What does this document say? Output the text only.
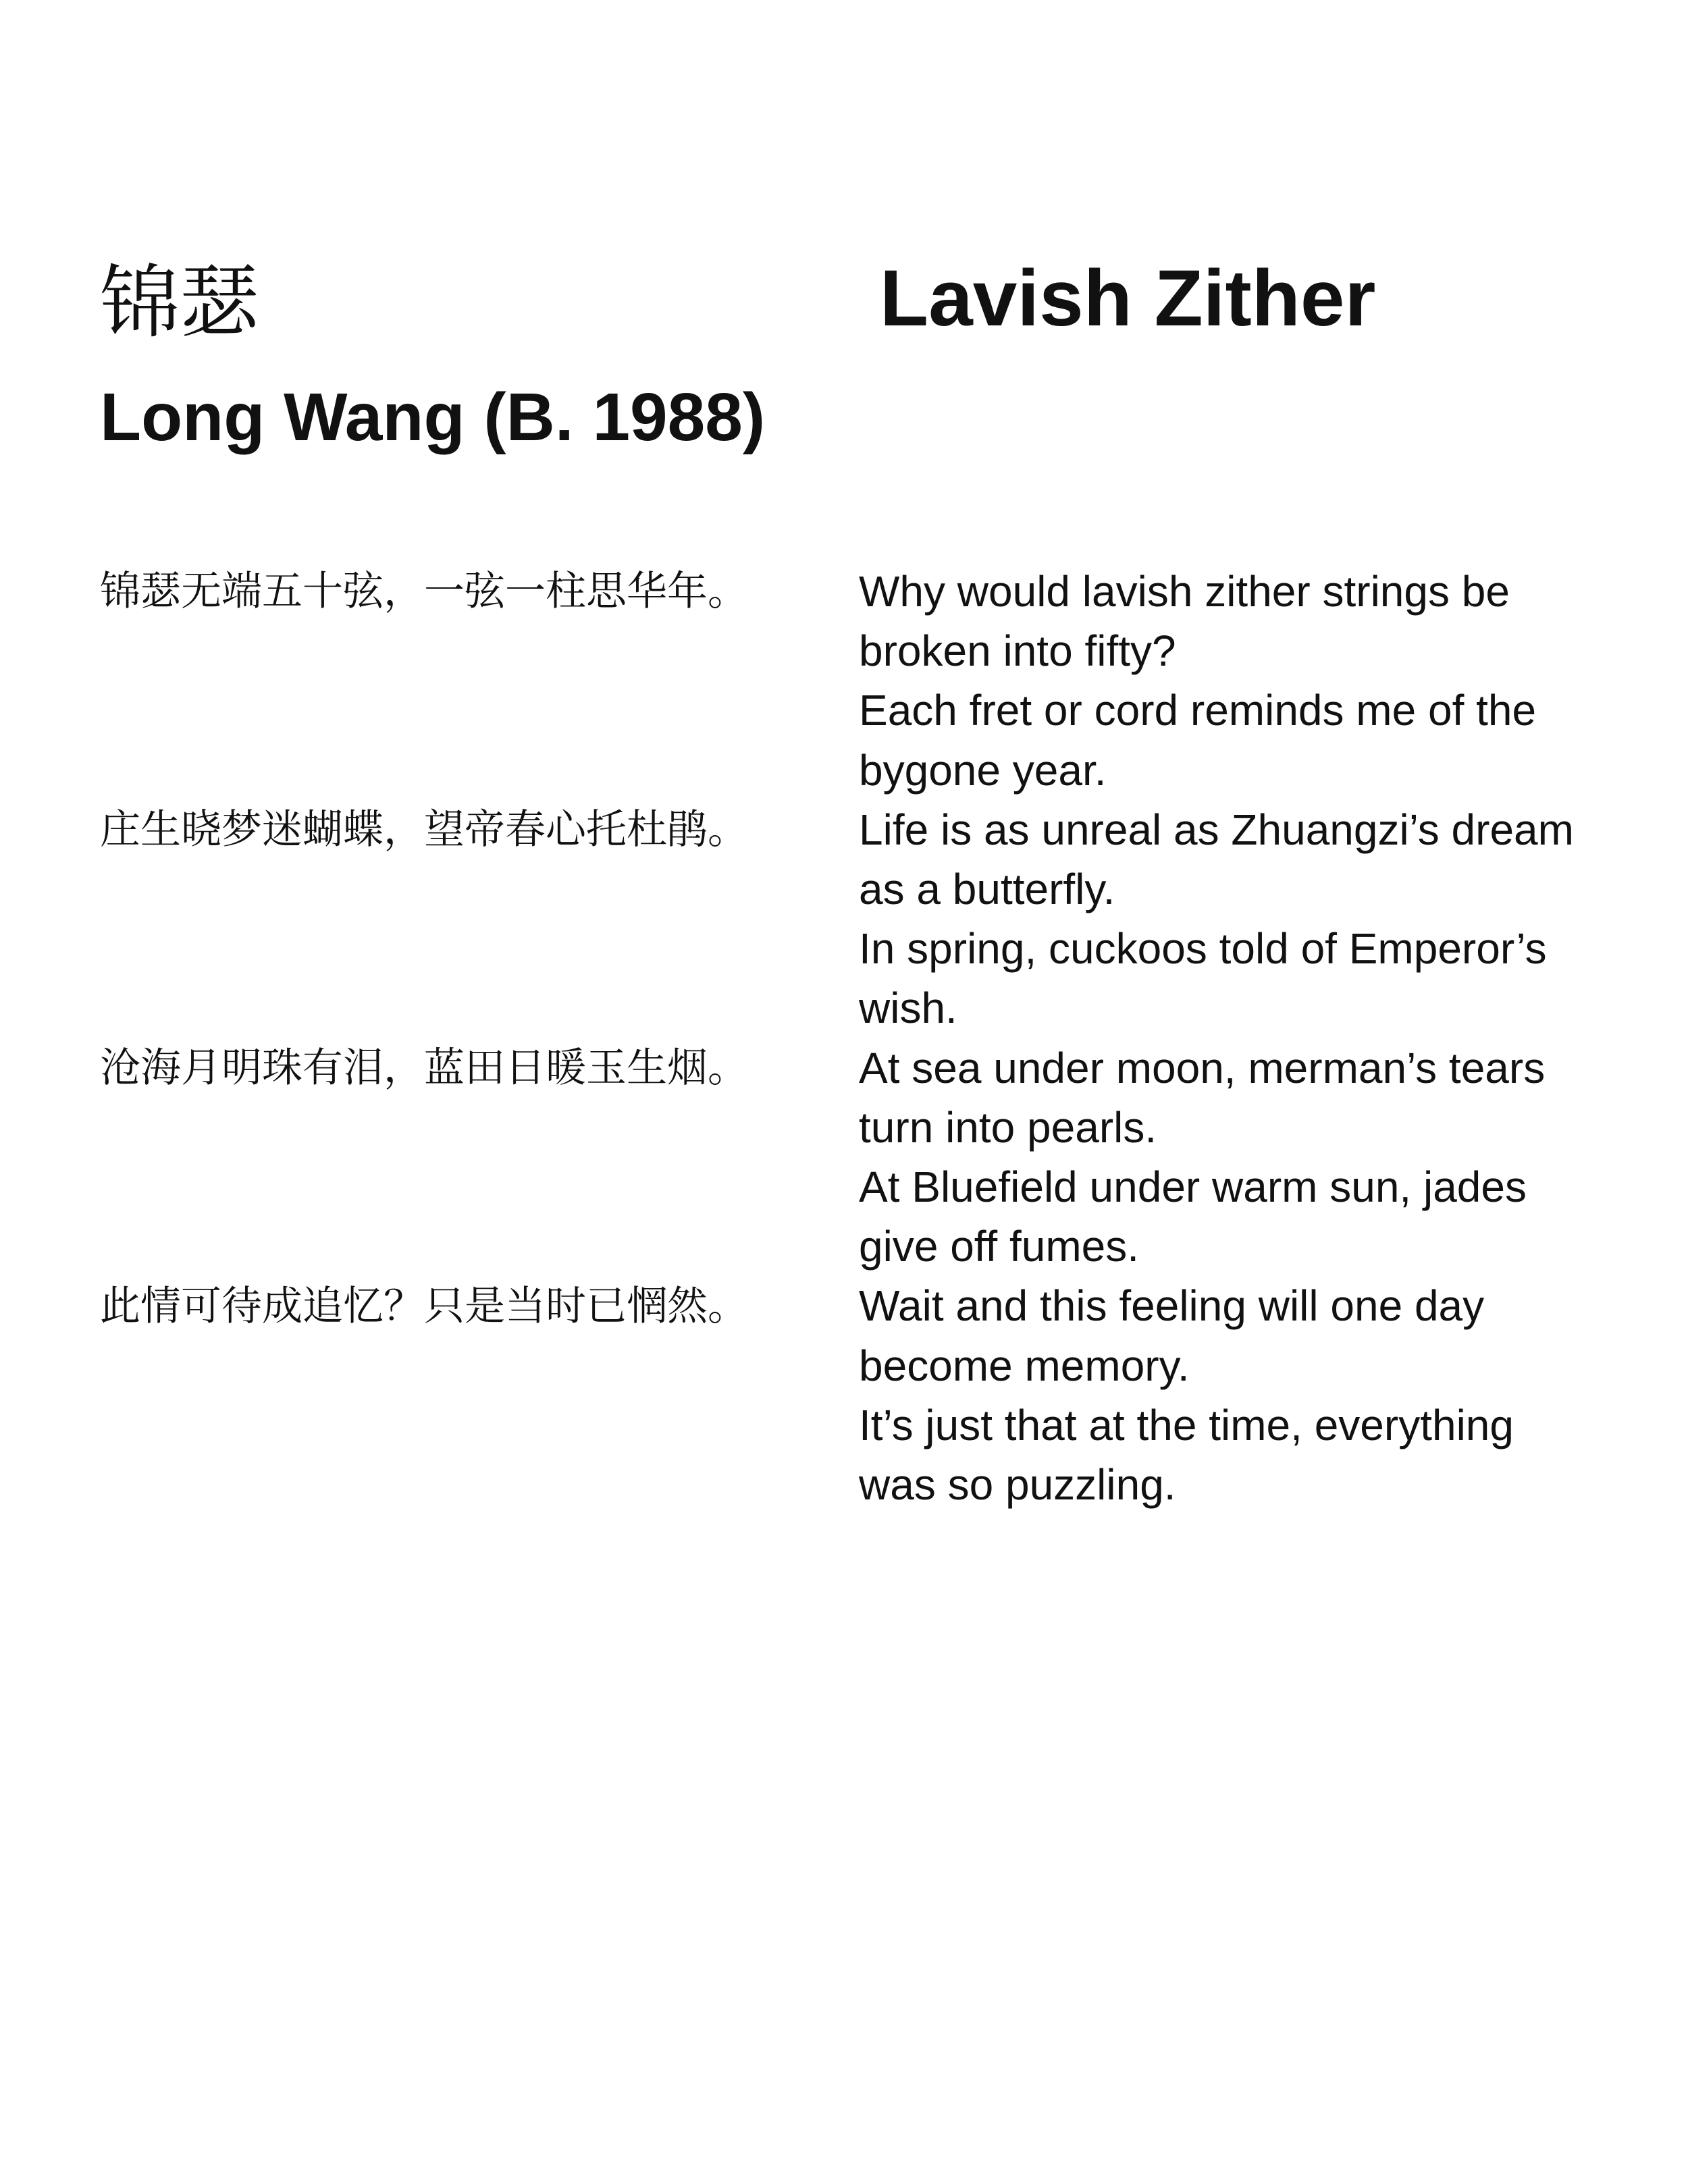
锦瑟
Long Wang (B. 1988)
Lavish Zither
锦瑟无端五十弦，一弦一柱思华年。
庄生晓梦迷蝴蝶，望帝春心托杜鹃。
沧海月明珠有泪，蓝田日暖玉生烟。
此情可待成追忆？只是当时已惘然。

Why would lavish zither strings be broken into fifty?

Each fret or cord reminds me of the bygone year.

Life is as unreal as Zhuangzi’s dream as a butterfly.

In spring, cuckoos told of Emperor’s wish.

At sea under moon, merman’s tears turn into pearls.

At Bluefield under warm sun, jades give off fumes.

Wait and this feeling will one day become memory.

It’s just that at the time, everything was so puzzling.
